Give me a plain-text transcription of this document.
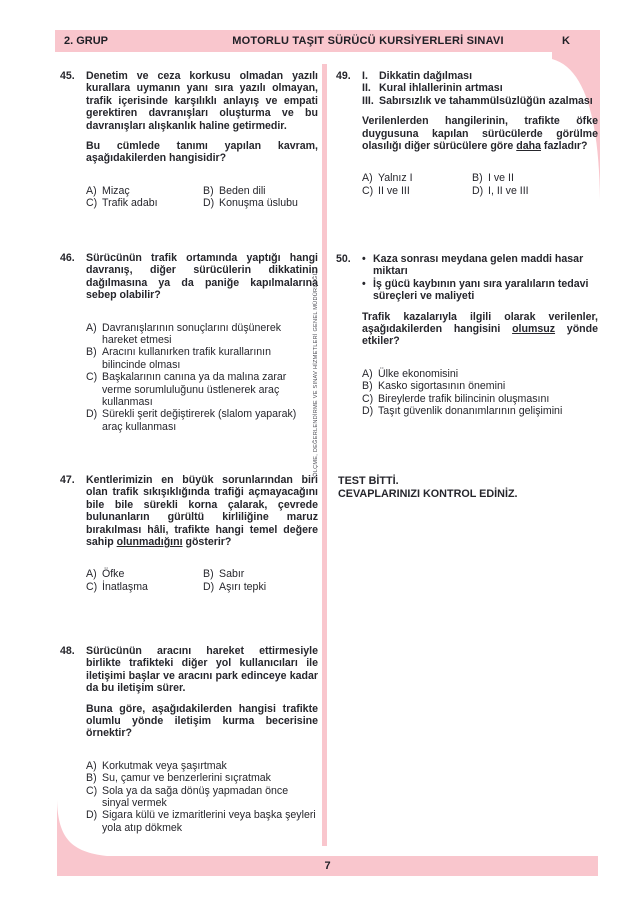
2. GRUP	MOTORLU TAŞIT SÜRÜCÜ KURSİYERLERİ SINAVI	K
ÖLÇME, DEĞERLENDİRME VE SINAV HİZMETLERİ GENEL MÜDÜRLÜĞÜ
45.	Denetim ve ceza korkusu olmadan yazılı kurallara uymanın yanı sıra yazılı olmayan, trafik içerisinde karşılıklı anlayış ve empati gerektiren davranışları oluşturma ve bu davranışları alışkanlık haline getirmedir.

Bu cümlede tanımı yapılan kavram, aşağıdakilerden hangisidir?

A) Mizaç	B) Beden dili
C) Trafik adabı	D) Konuşma üslubu
46.	Sürücünün trafik ortamında yaptığı hangi davranış, diğer sürücülerin dikkatinin dağılmasına ya da paniğe kapılmalarına sebep olabilir?

A) Davranışlarının sonuçlarını düşünerek hareket etmesi
B) Aracını kullanırken trafik kurallarının bilincinde olması
C) Başkalarının canına ya da malına zarar verme sorumluluğunu üstlenerek araç kullanması
D) Sürekli şerit değiştirerek (slalom yaparak) araç kullanması
47.	Kentlerimizin en büyük sorunlarından biri olan trafik sıkışıklığında trafiği açmayacağını bile bile sürekli korna çalarak, çevrede bulunanların gürültü kirliliğine maruz bırakılması hâli, trafikte hangi temel değere sahip olunmadığını gösterir?

A) Öfke	B) Sabır
C) İnatlaşma	D) Aşırı tepki
48.	Sürücünün aracını hareket ettirmesiyle birlikte trafikteki diğer yol kullanıcıları ile iletişimi başlar ve aracını park edinceye kadar da bu iletişim sürer.

Buna göre, aşağıdakilerden hangisi trafikte olumlu yönde iletişim kurma becerisine örnektir?

A) Korkutmak veya şaşırtmak
B) Su, çamur ve benzerlerini sıçratmak
C) Sola ya da sağa dönüş yapmadan önce sinyal vermek
D) Sigara külü ve izmaritlerini veya başka şeyleri yola atıp dökmek
49.	I.	Dikkatin dağılması
II. Kural ihlallerinin artması
III. Sabırsızlık ve tahammülsüzlüğün azalması

Verilenlerden hangilerinin, trafikte öfke duygusuna kapılan sürücülerde görülme olasılığı diğer sürücülere göre daha fazladır?

A) Yalnız I	B) I ve II
C) II ve III	D) I, II ve III
50.	• Kaza sonrası meydana gelen maddi hasar miktarı
• İş gücü kaybının yanı sıra yaralıların tedavi süreçleri ve maliyeti

Trafik kazalarıyla ilgili olarak verilenler, aşağıdakilerden hangisini olumsuz yönde etkiler?

A) Ülke ekonomisini
B) Kasko sigortasının önemini
C) Bireylerde trafik bilincinin oluşmasını
D) Taşıt güvenlik donanımlarının gelişimini
TEST BİTTİ.
CEVAPLARINIZI KONTROL EDİNİZ.
7
